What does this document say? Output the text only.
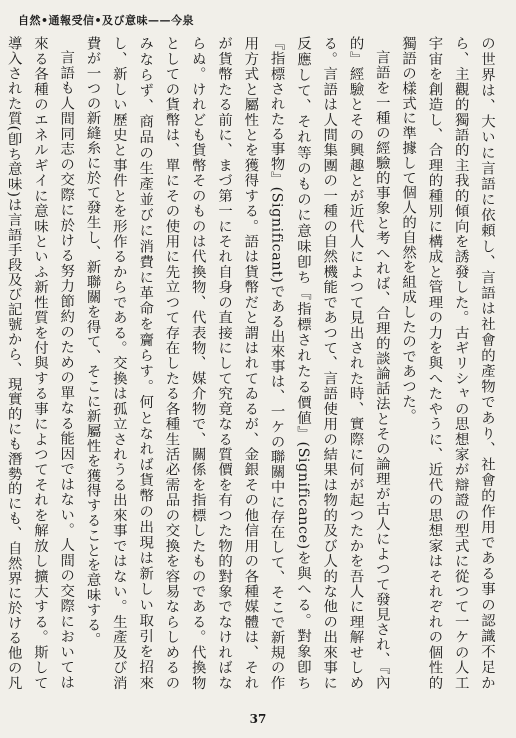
自然•通報受信•及び意味——今泉

の世界は、大いに言語に依頼し、言語は社會的產物であり、社會的作用である事の認識不足から、主觀的獨語的主我的傾向を誘發した。古ギリシャの思想家が辯證の型式に從つて一ケの人工宇宙を創造し、合理的種別に構成と管理の力を與へたやうに、近代の思想家はそれぞれの個性的獨語の樣式に準據して個人的自然を組成したのであつた。

言語を一種の經驗的事象と考へれば、合理的談論話法とその論理が古人によつて發見され、『內的』經驗とその興趣とが近代人によつて見出された時、實際に何が起つたかを吾人に理解せしめる。言語は人間集團の一種の自然機能であつて、言語使用の結果は物的及び人的な他の出來事に反應して、それ等のものに意味卽ち『指標されたる價値』(Significance)を與へる。對象卽ち『指標されたる事物』(Significant)である出來事は、一ケの聯關中に存在して、そこで新規の作用方式と屬性とを獲得する。語は貨幣だと謂はれてゐるが、金銀その他信用の各種媒體は、それが貨幣たる前に、まづ第一にそれ自身の直接にして究竟なる質價を有つた物的對象でなければならぬ。けれども貨幣そのものは代換物、代表物、媒介物で、關係を指標したものである。代換物としての貨幣は、單にその使用に先立つて存在したる各種生活必需品の交換を容易ならしめるのみならず、商品の生產並びに消費に革命を齎らす。何となれば貨幣の出現は新しい取引を招來し、新しい歷史と事件とを形作るからである。交換は孤立されうる出來事ではない。生產及び消費が一つの新縫糸に於て發生し、新聯關を得て、そこに新屬性を獲得することを意味する。

言語も人間同志の交際に於ける努力節約のための單なる能因ではない。人間の交際においては來る各種のエネルギイに意味といふ新性質を付與する事によつてそれを解放し擴大する。斯して導入された質(卽ち意味)は言語手段及び記號から、現實的にも潛勢的にも、自然界に於ける他の凡

37
